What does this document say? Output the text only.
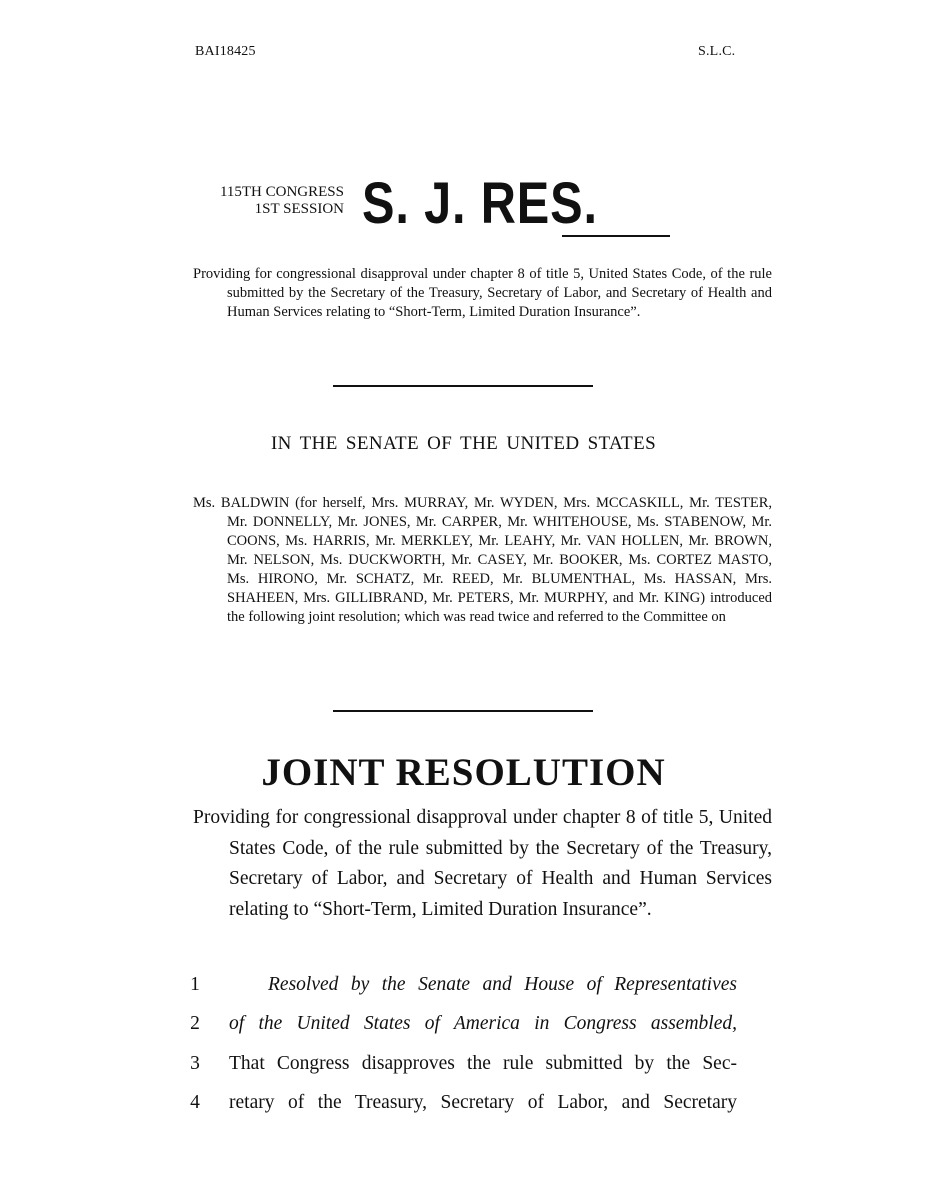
BAI18425	S.L.C.
115TH CONGRESS
1ST SESSION S. J. RES.
Providing for congressional disapproval under chapter 8 of title 5, United States Code, of the rule submitted by the Secretary of the Treasury, Secretary of Labor, and Secretary of Health and Human Services relating to “Short-Term, Limited Duration Insurance”.
IN THE SENATE OF THE UNITED STATES
Ms. BALDWIN (for herself, Mrs. MURRAY, Mr. WYDEN, Mrs. MCCASKILL, Mr. TESTER, Mr. DONNELLY, Mr. JONES, Mr. CARPER, Mr. WHITEHOUSE, Ms. STABENOW, Mr. COONS, Ms. HARRIS, Mr. MERKLEY, Mr. LEAHY, Mr. VAN HOLLEN, Mr. BROWN, Mr. NELSON, Ms. DUCKWORTH, Mr. CASEY, Mr. BOOKER, Ms. CORTEZ MASTO, Ms. HIRONO, Mr. SCHATZ, Mr. REED, Mr. BLUMENTHAL, Ms. HASSAN, Mrs. SHAHEEN, Mrs. GILLIBRAND, Mr. PETERS, Mr. MURPHY, and Mr. KING) introduced the following joint resolution; which was read twice and referred to the Committee on
JOINT RESOLUTION
Providing for congressional disapproval under chapter 8 of title 5, United States Code, of the rule submitted by the Secretary of the Treasury, Secretary of Labor, and Secretary of Health and Human Services relating to “Short-Term, Limited Duration Insurance”.
1	Resolved by the Senate and House of Representatives
2	of the United States of America in Congress assembled,
3	That Congress disapproves the rule submitted by the Sec-
4	retary of the Treasury, Secretary of Labor, and Secretary
